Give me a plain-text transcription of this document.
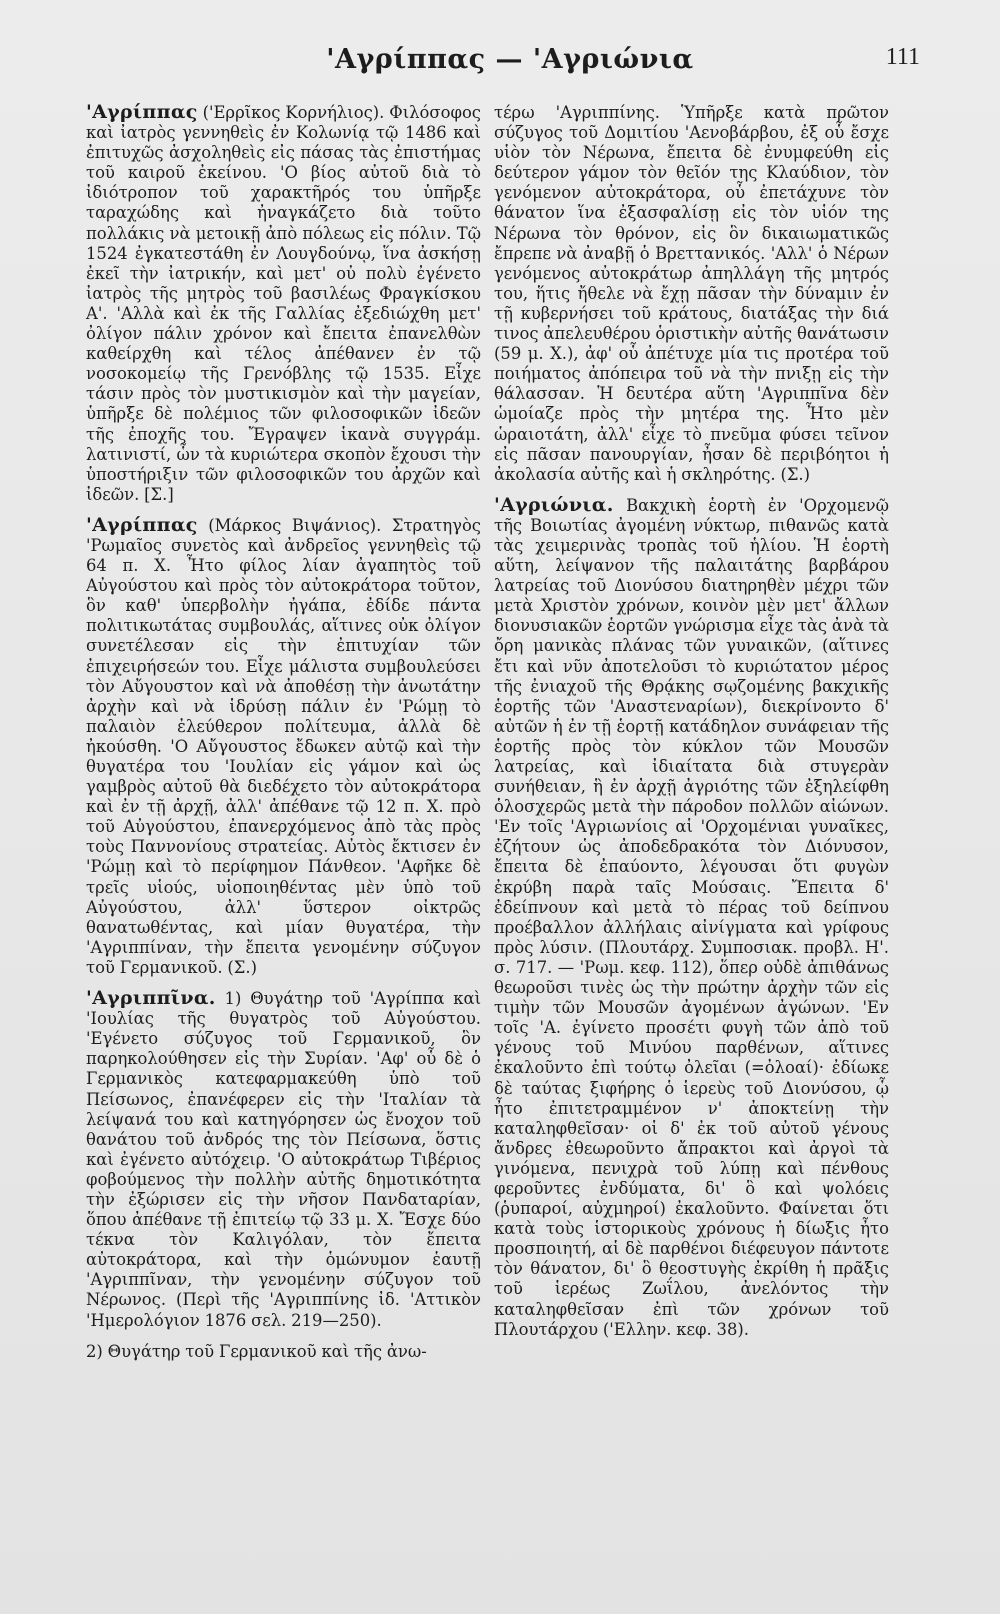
'Αγρίππας — 'Αγριώνια	111

'Αγρίππας ('Ερρῖκος Κορνήλιος). Φιλόσοφος καὶ ἰατρὸς γεννηθεὶς ἐν Κολωνίᾳ τῷ 1486 καὶ ἐπιτυχῶς ἀσχοληθεὶς εἰς πάσας τὰς ἐπιστήμας τοῦ καιροῦ ἐκείνου. 'Ο βίος αὐτοῦ διὰ τὸ ἰδιότροπον τοῦ χαρακτῆρός του ὑπῆρξε ταραχώδης καὶ ἠναγκάζετο διὰ τοῦτο πολλάκις νὰ μετοικῇ ἀπὸ πόλεως εἰς πόλιν. Τῷ 1524 ἐγκατεστάθη ἐν Λουγδούνῳ, ἵνα ἀσκήσῃ ἐκεῖ τὴν ἰατρικήν, καὶ μετ' οὐ πολὺ ἐγένετο ἰατρὸς τῆς μητρὸς τοῦ βασιλέως Φραγκίσκου Α'. 'Αλλὰ καὶ ἐκ τῆς Γαλλίας ἐξεδιώχθη μετ' ὀλίγον πάλιν χρόνον καὶ ἔπειτα ἐπανελθὼν καθείρχθη καὶ τέλος ἀπέθανεν ἐν τῷ νοσοκομείῳ τῆς Γρενόβλης τῷ 1535. Εἶχε τάσιν πρὸς τὸν μυστικισμὸν καὶ τὴν μαγείαν, ὑπῆρξε δὲ πολέμιος τῶν φιλοσοφικῶν ἰδεῶν τῆς ἐποχῆς του. Ἔγραψεν ἱκανὰ συγγράμ. λατινιστί, ὧν τὰ κυριώτερα σκοπὸν ἔχουσι τὴν ὑποστήριξιν τῶν φιλοσοφικῶν του ἀρχῶν καὶ ἰδεῶν. [Σ.]

'Αγρίππας (Μάρκος Βιψάνιος). Στρατηγὸς 'Ρωμαῖος συνετὸς καὶ ἀνδρεῖος γεννηθεὶς τῷ 64 π. Χ. Ἦτο φίλος λίαν ἀγαπητὸς τοῦ Αὐγούστου καὶ πρὸς τὸν αὐτοκράτορα τοῦτον, ὃν καθ' ὑπερβολὴν ἠγάπα, ἐδίδε πάντα πολιτικωτάτας συμβουλάς, αἵτινες οὐκ ὀλίγον συνετέλεσαν εἰς τὴν ἐπιτυχίαν τῶν ἐπιχειρήσεών του. Εἶχε μάλιστα συμβουλεύσει τὸν Αὔγουστον καὶ νὰ ἀποθέσῃ τὴν ἀνωτάτην ἀρχὴν καὶ νὰ ἱδρύσῃ πάλιν ἐν 'Ρώμῃ τὸ παλαιὸν ἐλεύθερον πολίτευμα, ἀλλὰ δὲ ἠκούσθη. 'Ο Αὔγουστος ἔδωκεν αὐτῷ καὶ τὴν θυγατέρα του 'Ιουλίαν εἰς γάμον καὶ ὡς γαμβρὸς αὐτοῦ θὰ διεδέχετο τὸν αὐτοκράτορα καὶ ἐν τῇ ἀρχῇ, ἀλλ' ἀπέθανε τῷ 12 π. Χ. πρὸ τοῦ Αὐγούστου, ἐπανερχόμενος ἀπὸ τὰς πρὸς τοὺς Παννονίους στρατείας. Αὐτὸς ἔκτισεν ἐν 'Ρώμῃ καὶ τὸ περίφημον Πάνθεον. 'Αφῆκε δὲ τρεῖς υἱούς, υἱοποιηθέντας μὲν ὑπὸ τοῦ Αὐγούστου, ἀλλ' ὕστερον οἰκτρῶς θανατωθέντας, καὶ μίαν θυγατέρα, τὴν 'Αγριππίναν, τὴν ἔπειτα γενομένην σύζυγον τοῦ Γερμανικοῦ. (Σ.)

'Αγριππῖνα. 1) Θυγάτηρ τοῦ 'Αγρίππα καὶ 'Ιουλίας τῆς θυγατρὸς τοῦ Αὐγούστου. 'Εγένετο σύζυγος τοῦ Γερμανικοῦ, ὃν παρηκολούθησεν εἰς τὴν Συρίαν. 'Αφ' οὗ δὲ ὁ Γερμανικὸς κατεφαρμακεύθη ὑπὸ τοῦ Πείσωνος, ἐπανέφερεν εἰς τὴν 'Ιταλίαν τὰ λείψανά του καὶ κατηγόρησεν ὡς ἔνοχον τοῦ θανάτου τοῦ ἀνδρός της τὸν Πείσωνα, ὅστις καὶ ἐγένετο αὐτόχειρ. 'Ο αὐτοκράτωρ Τιβέριος φοβούμενος τὴν πολλὴν αὐτῆς δημοτικότητα τὴν ἐξώρισεν εἰς τὴν νῆσον Πανδαταρίαν, ὅπου ἀπέθανε τῇ ἐπιτείῳ τῷ 33 μ. Χ. Ἔσχε δύο τέκνα τὸν Καλιγόλαν, τὸν ἔπειτα αὐτοκράτορα, καὶ τὴν ὁμώνυμον ἑαυτῇ 'Αγριππῖναν, τὴν γενομένην σύζυγον τοῦ Νέρωνος. (Περὶ τῆς 'Αγριππίνης ἰδ. 'Αττικὸν 'Ημερολόγιον 1876 σελ. 219—250).

2) Θυγάτηρ τοῦ Γερμανικοῦ καὶ τῆς ἀνω-

τέρω 'Αγριππίνης. Ὑπῆρξε κατὰ πρῶτον σύζυγος τοῦ Δομιτίου 'Αενοβάρβου, ἐξ οὗ ἔσχε υἱὸν τὸν Νέρωνα, ἔπειτα δὲ ἐνυμφεύθη εἰς δεύτερον γάμον τὸν θεῖόν της Κλαύδιον, τὸν γενόμενον αὐτοκράτορα, οὗ ἐπετάχυνε τὸν θάνατον ἵνα ἐξασφαλίσῃ εἰς τὸν υἱόν της Νέρωνα τὸν θρόνον, εἰς ὃν δικαιωματικῶς ἔπρεπε νὰ ἀναβῇ ὁ Βρεττανικός. 'Αλλ' ὁ Νέρων γενόμενος αὐτοκράτωρ ἀπηλλάγη τῆς μητρός του, ἥτις ἤθελε νὰ ἔχῃ πᾶσαν τὴν δύναμιν ἐν τῇ κυβερνήσει τοῦ κράτους, διατάξας τὴν διά τινος ἀπελευθέρου ὁριστικὴν αὐτῆς θανάτωσιν (59 μ. Χ.), ἀφ' οὗ ἀπέτυχε μία τις προτέρα τοῦ ποιήματος ἀπόπειρα τοῦ νὰ τὴν πνιξῃ εἰς τὴν θάλασσαν. Ἡ δευτέρα αὕτη 'Αγριππῖνα δὲν ὡμοίαζε πρὸς τὴν μητέρα της. Ἦτο μὲν ὡραιοτάτη, ἀλλ' εἶχε τὸ πνεῦμα φύσει τεῖνον εἰς πᾶσαν πανουργίαν, ἦσαν δὲ περιβόητοι ἡ ἀκολασία αὐτῆς καὶ ἡ σκληρότης. (Σ.)

'Αγριώνια. Βακχικὴ ἑορτὴ ἐν 'Ορχομενῷ τῆς Βοιωτίας ἀγομένη νύκτωρ, πιθανῶς κατὰ τὰς χειμερινὰς τροπὰς τοῦ ἡλίου. Ἡ ἑορτὴ αὕτη, λείψανον τῆς παλαιτάτης βαρβάρου λατρείας τοῦ Διονύσου διατηρηθὲν μέχρι τῶν μετὰ Χριστὸν χρόνων, κοινὸν μὲν μετ' ἄλλων διονυσιακῶν ἑορτῶν γνώρισμα εἶχε τὰς ἀνὰ τὰ ὄρη μανικὰς πλάνας τῶν γυναικῶν, (αἵτινες ἔτι καὶ νῦν ἀποτελοῦσι τὸ κυριώτατον μέρος τῆς ἐνιαχοῦ τῆς Θρᾴκης σῳζομένης βακχικῆς ἑορτῆς τῶν 'Αναστεναρίων), διεκρίνοντο δ' αὐτῶν ἡ ἐν τῇ ἑορτῇ κατάδηλον συνάφειαν τῆς ἑορτῆς πρὸς τὸν κύκλον τῶν Μουσῶν λατρείας, καὶ ἰδιαίτατα διὰ στυγερὰν συνήθειαν, ἣ ἐν ἀρχῇ ἀγριότης τῶν ἐξηλείφθη ὁλοσχερῶς μετὰ τὴν πάροδον πολλῶν αἰώνων. 'Εν τοῖς 'Αγριωνίοις αἱ 'Ορχομένιαι γυναῖκες, ἐζήτουν ὡς ἀποδεδρακότα τὸν Διόνυσον, ἔπειτα δὲ ἐπαύοντο, λέγουσαι ὅτι φυγὼν ἐκρύβη παρὰ ταῖς Μούσαις. Ἔπειτα δ' ἐδείπνουν καὶ μετὰ τὸ πέρας τοῦ δείπνου προέβαλλον ἀλλήλαις αἰνίγματα καὶ γρίφους πρὸς λύσιν. (Πλουτάρχ. Συμποσιακ. προβλ. Η'. σ. 717. — 'Ρωμ. κεφ. 112), ὅπερ οὐδὲ ἀπιθάνως θεωροῦσι τινὲς ὡς τὴν πρώτην ἀρχὴν τῶν εἰς τιμὴν τῶν Μουσῶν ἀγομένων ἀγώνων. 'Εν τοῖς 'Α. ἐγίνετο προσέτι φυγὴ τῶν ἀπὸ τοῦ γένους τοῦ Μινύου παρθένων, αἵτινες ἐκαλοῦντο ἐπὶ τούτῳ ὀλεῖαι (=ὀλοαί)· ἐδίωκε δὲ ταύτας ξιφήρης ὁ ἱερεὺς τοῦ Διονύσου, ᾧ ἦτο ἐπιτετραμμένον ν' ἀποκτείνῃ τὴν καταληφθεῖσαν· οἱ δ' ἐκ τοῦ αὐτοῦ γένους ἄνδρες ἐθεωροῦντο ἄπρακτοι καὶ ἀργοὶ τὰ γινόμενα, πενιχρὰ τοῦ λύπῃ καὶ πένθους φεροῦντες ἐνδύματα, δι' ὃ καὶ ψολόεις (ῥυπαροί, αὐχμηροί) ἐκαλοῦντο. Φαίνεται ὅτι κατὰ τοὺς ἱστορικοὺς χρόνους ἡ δίωξις ἦτο προσποιητή, αἱ δὲ παρθένοι διέφευγον πάντοτε τὸν θάνατον, δι' ὃ θεοστυγὴς ἐκρίθη ἡ πρᾶξις τοῦ ἱερέως Ζωΐλου, ἀνελόντος τὴν καταληφθεῖσαν ἐπὶ τῶν χρόνων τοῦ Πλουτάρχου ('Ελλην. κεφ. 38).
